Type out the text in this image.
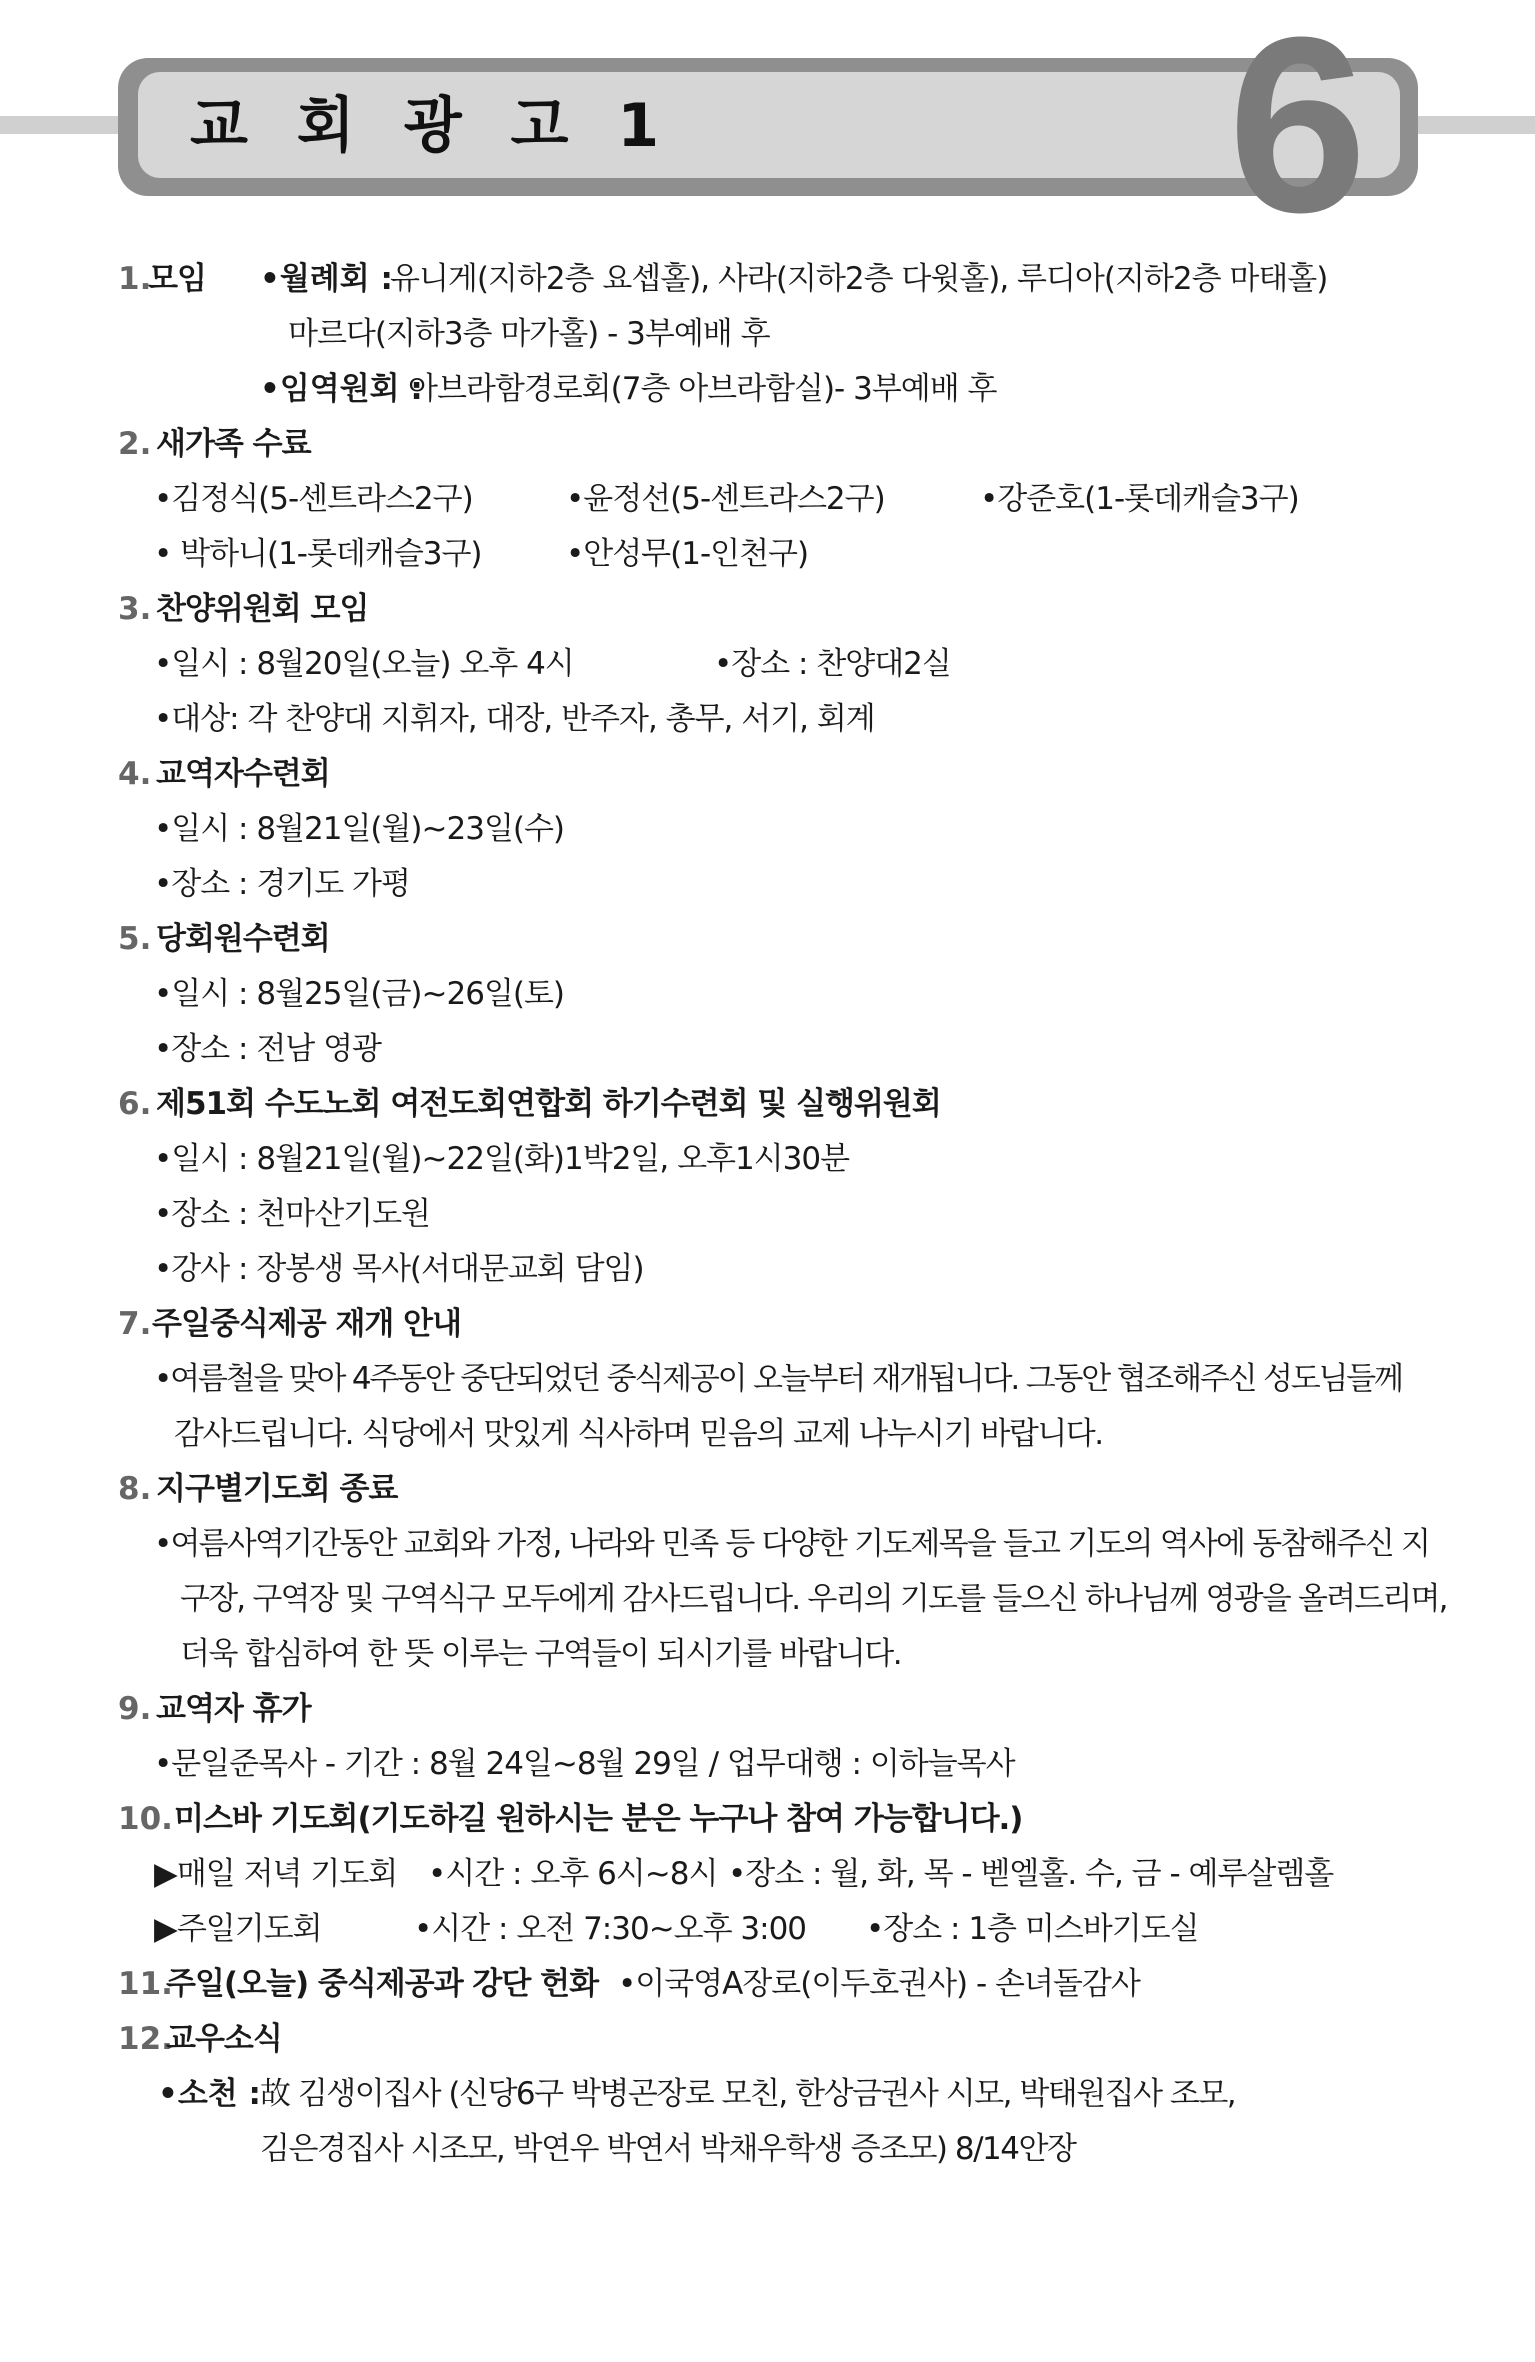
교 회 광 고 1 6
1.
모임 •월례회 :
유니게(지하2층 요셉홀), 사라(지하2층 다윗홀), 루디아(지하2층 마태홀)
마르다(지하3층 마가홀) - 3부예배 후
•임역원회 :
아브라함경로회(7층 아브라함실)- 3부예배 후
2. 새가족 수료
•김정식(5-센트라스2구)	•윤정선(5-센트라스2구)	•강준호(1-롯데캐슬3구)
• 박하니(1-롯데캐슬3구)	•안성무(1-인천구)
3. 찬양위원회 모임
•일시 : 8월20일(오늘) 오후 4시	•장소 : 찬양대2실
•대상: 각 찬양대 지휘자, 대장, 반주자, 총무, 서기, 회계
4. 교역자수련회
•일시 : 8월21일(월)~23일(수)
•장소 : 경기도 가평
5. 당회원수련회
•일시 : 8월25일(금)~26일(토)
•장소 : 전남 영광
6. 제51회 수도노회 여전도회연합회 하기수련회 및 실행위원회
•일시 : 8월21일(월)~22일(화)1박2일, 오후1시30분
•장소 : 천마산기도원
•강사 : 장봉생 목사(서대문교회 담임)
7. 주일중식제공 재개 안내
•여름철을 맞아 4주동안 중단되었던 중식제공이 오늘부터 재개됩니다. 그동안 협조해주신 성도님들께
감사드립니다. 식당에서 맛있게 식사하며 믿음의 교제 나누시기 바랍니다.
8. 지구별기도회 종료
•여름사역기간동안 교회와 가정, 나라와 민족 등 다양한 기도제목을 들고 기도의 역사에 동참해주신 지
구장, 구역장 및 구역식구 모두에게 감사드립니다. 우리의 기도를 들으신 하나님께 영광을 올려드리며,
더욱 합심하여 한 뜻 이루는 구역들이 되시기를 바랍니다.
9. 교역자 휴가
•문일준목사 - 기간 : 8월 24일~8월 29일 / 업무대행 : 이하늘목사
10. 미스바 기도회(기도하길 원하시는 분은 누구나 참여 가능합니다.)
▶매일 저녁 기도회 •시간 : 오후 6시~8시 •장소 : 월, 화, 목 - 벧엘홀. 수, 금 - 예루살렘홀
▶주일기도회	•시간 : 오전 7:30~오후 3:00 •장소 : 1층 미스바기도실
11.
주일(오늘) 중식제공과 강단 헌화 •이국영A장로(이두호권사) - 손녀돌감사
12.
교우소식
•소천 : 故 김생이집사 (신당6구 박병곤장로 모친, 한상금권사 시모, 박태원집사 조모,
김은경집사 시조모, 박연우 박연서 박채우학생 증조모) 8/14안장
